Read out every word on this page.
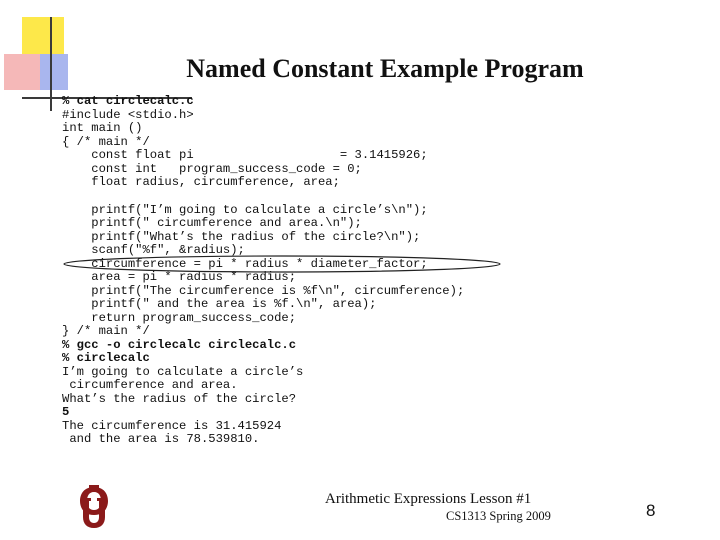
Named Constant Example Program
% cat circlecalc.c
#include <stdio.h>
int main ()
{ /* main */
const float pi                    = 3.1415926;
const int   program_success_code = 0;
float radius, circumference, area;
printf("I’m going to calculate a circle’s\n");
printf(" circumference and area.\n");
printf("What’s the radius of the circle?\n");
scanf("%f", &radius);
circumference = pi * radius * diameter_factor;
area = pi * radius * radius;
printf("The circumference is %f\n", circumference);
printf(" and the area is %f.\n", area);
return program_success_code;
} /* main */
% gcc -o circlecalc circlecalc.c
% circlecalc
I’m going to calculate a circle’s
circumference and area.
What’s the radius of the circle?
5
The circumference is 31.415924
and the area is 78.539810.
Arithmetic Expressions Lesson #1
CS1313 Spring 2009	8
